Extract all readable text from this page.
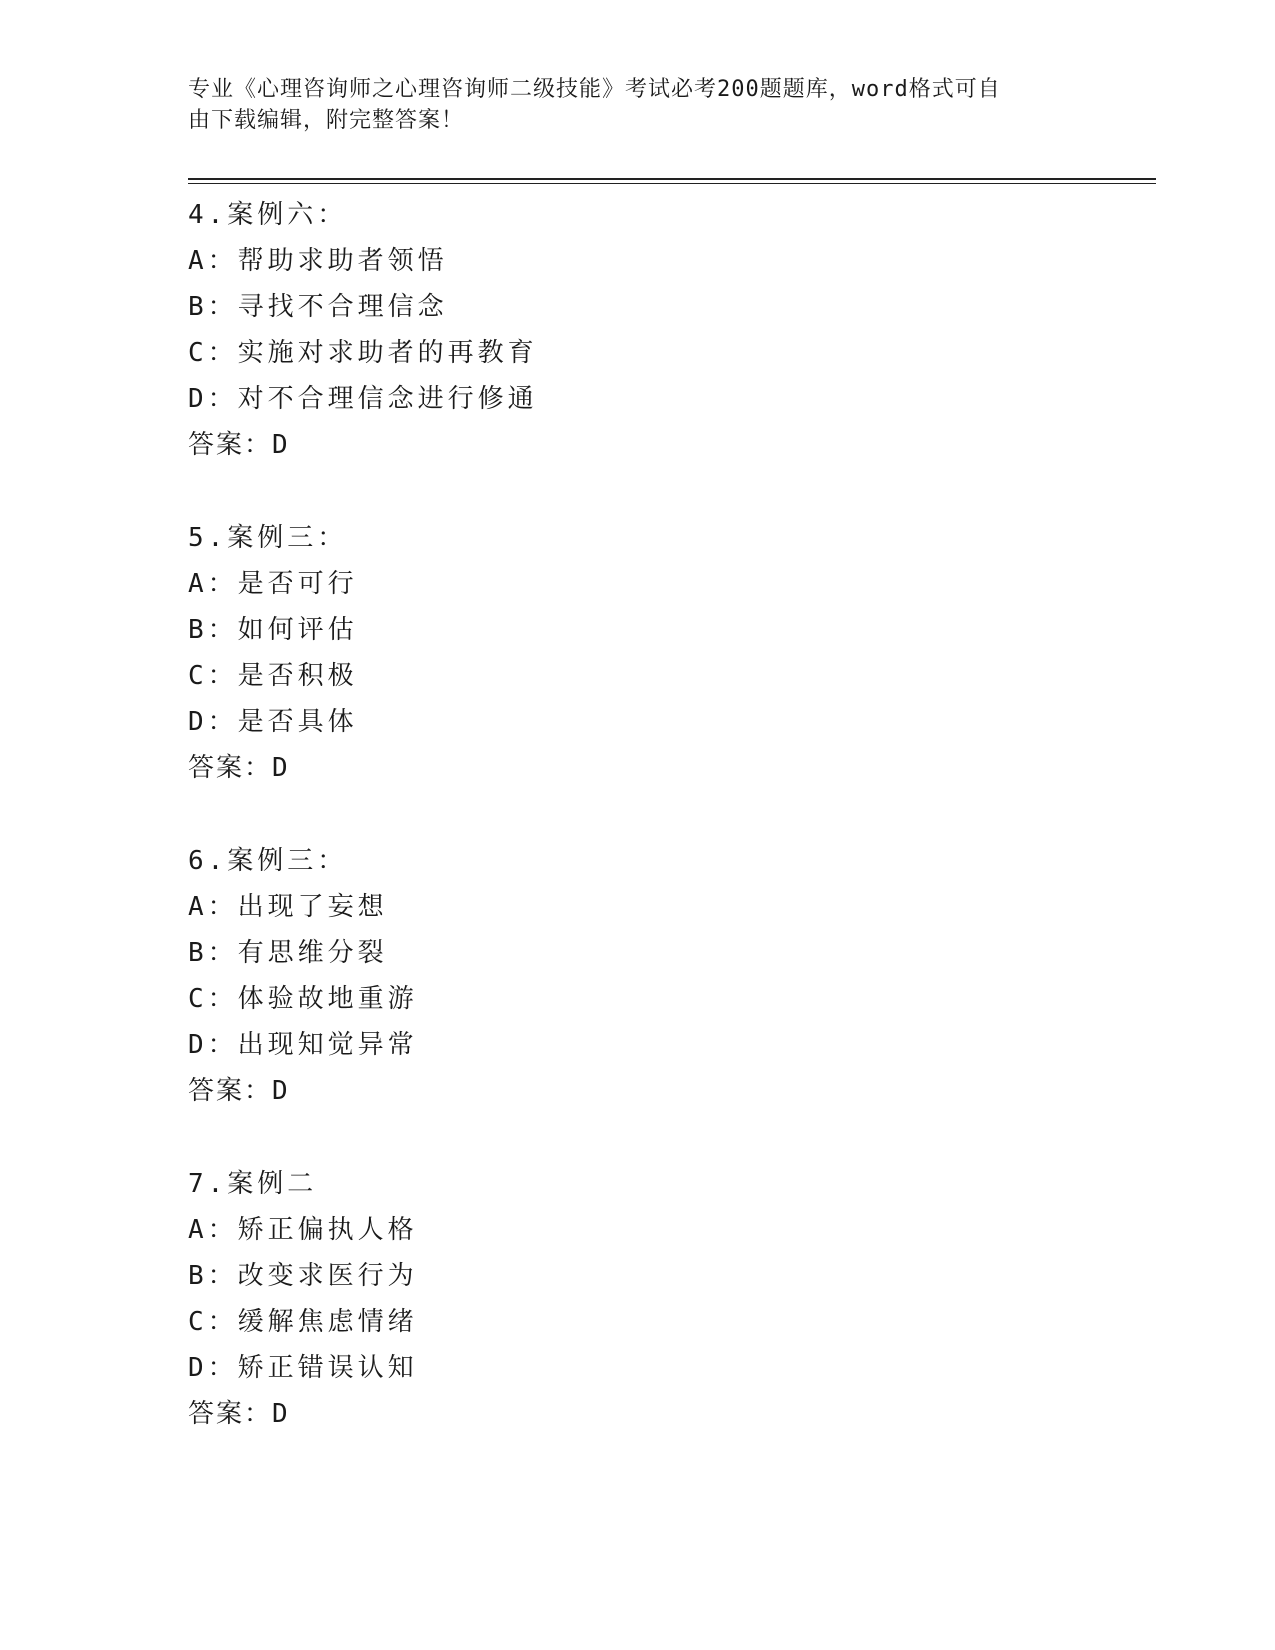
专业《心理咨询师之心理咨询师二级技能》考试必考200题题库，word格式可自
由下载编辑，附完整答案！
4.案例六：
A：帮助求助者领悟
B：寻找不合理信念
C：实施对求助者的再教育
D：对不合理信念进行修通
答案：D
5.案例三：
A：是否可行
B：如何评估
C：是否积极
D：是否具体
答案：D
6.案例三：
A：出现了妄想
B：有思维分裂
C：体验故地重游
D：出现知觉异常
答案：D
7.案例二
A：矫正偏执人格
B：改变求医行为
C：缓解焦虑情绪
D：矫正错误认知
答案：D
